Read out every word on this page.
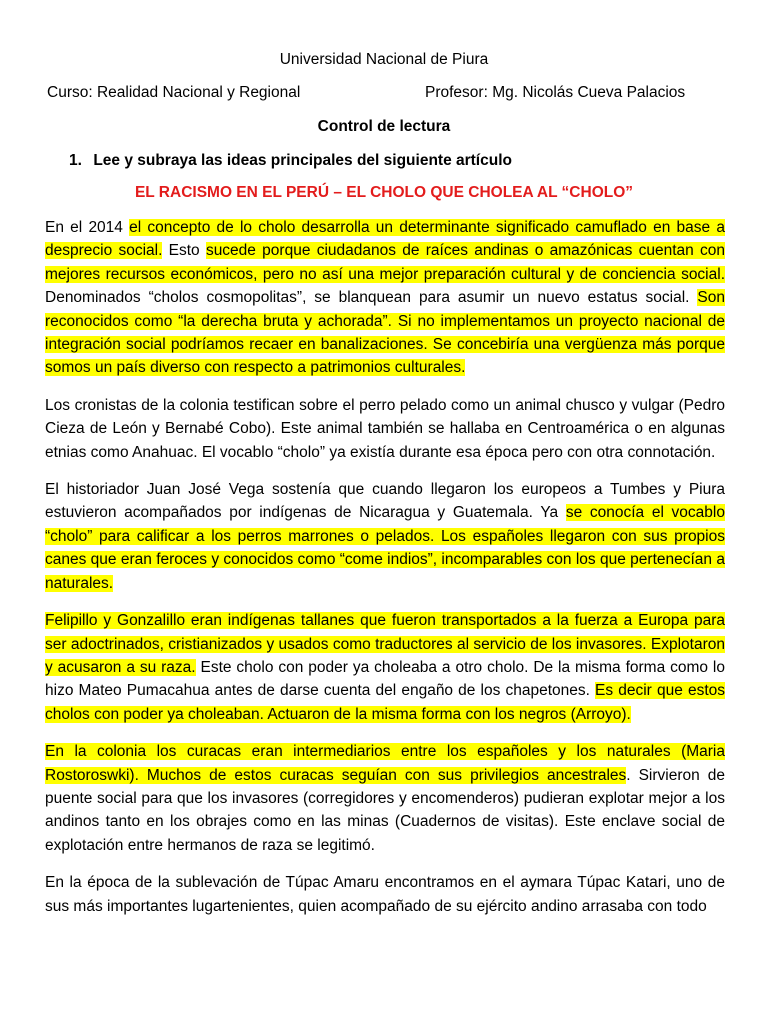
Universidad Nacional de Piura
Curso: Realidad Nacional y Regional	Profesor: Mg. Nicolás Cueva Palacios
Control de lectura
1. Lee y subraya las ideas principales del siguiente artículo
EL RACISMO EN EL PERÚ – EL CHOLO QUE CHOLEA AL “CHOLO”

En el 2014 el concepto de lo cholo desarrolla un determinante significado camuflado en base a desprecio social. Esto sucede porque ciudadanos de raíces andinas o amazónicas cuentan con mejores recursos económicos, pero no así una mejor preparación cultural y de conciencia social. Denominados “cholos cosmopolitas”, se blanquean para asumir un nuevo estatus social. Son reconocidos como “la derecha bruta y achorada”. Si no implementamos un proyecto nacional de integración social podríamos recaer en banalizaciones. Se concebiría una vergüenza más porque somos un país diverso con respecto a patrimonios culturales.

Los cronistas de la colonia testifican sobre el perro pelado como un animal chusco y vulgar (Pedro Cieza de León y Bernabé Cobo). Este animal también se hallaba en Centroamérica o en algunas etnias como Anahuac. El vocablo “cholo” ya existía durante esa época pero con otra connotación.

El historiador Juan José Vega sostenía que cuando llegaron los europeos a Tumbes y Piura estuvieron acompañados por indígenas de Nicaragua y Guatemala. Ya se conocía el vocablo “cholo” para calificar a los perros marrones o pelados. Los españoles llegaron con sus propios canes que eran feroces y conocidos como “come indios”, incomparables con los que pertenecían a naturales.

Felipillo y Gonzalillo eran indígenas tallanes que fueron transportados a la fuerza a Europa para ser adoctrinados, cristianizados y usados como traductores al servicio de los invasores. Explotaron y acusaron a su raza. Este cholo con poder ya choleaba a otro cholo. De la misma forma como lo hizo Mateo Pumacahua antes de darse cuenta del engaño de los chapetones. Es decir que estos cholos con poder ya choleaban. Actuaron de la misma forma con los negros (Arroyo).

En la colonia los curacas eran intermediarios entre los españoles y los naturales (Maria Rostoroswki). Muchos de estos curacas seguían con sus privilegios ancestrales. Sirvieron de puente social para que los invasores (corregidores y encomenderos) pudieran explotar mejor a los andinos tanto en los obrajes como en las minas (Cuadernos de visitas). Este enclave social de explotación entre hermanos de raza se legitimó.

En la época de la sublevación de Túpac Amaru encontramos en el aymara Túpac Katari, uno de sus más importantes lugartenientes, quien acompañado de su ejército andino arrasaba con todo
